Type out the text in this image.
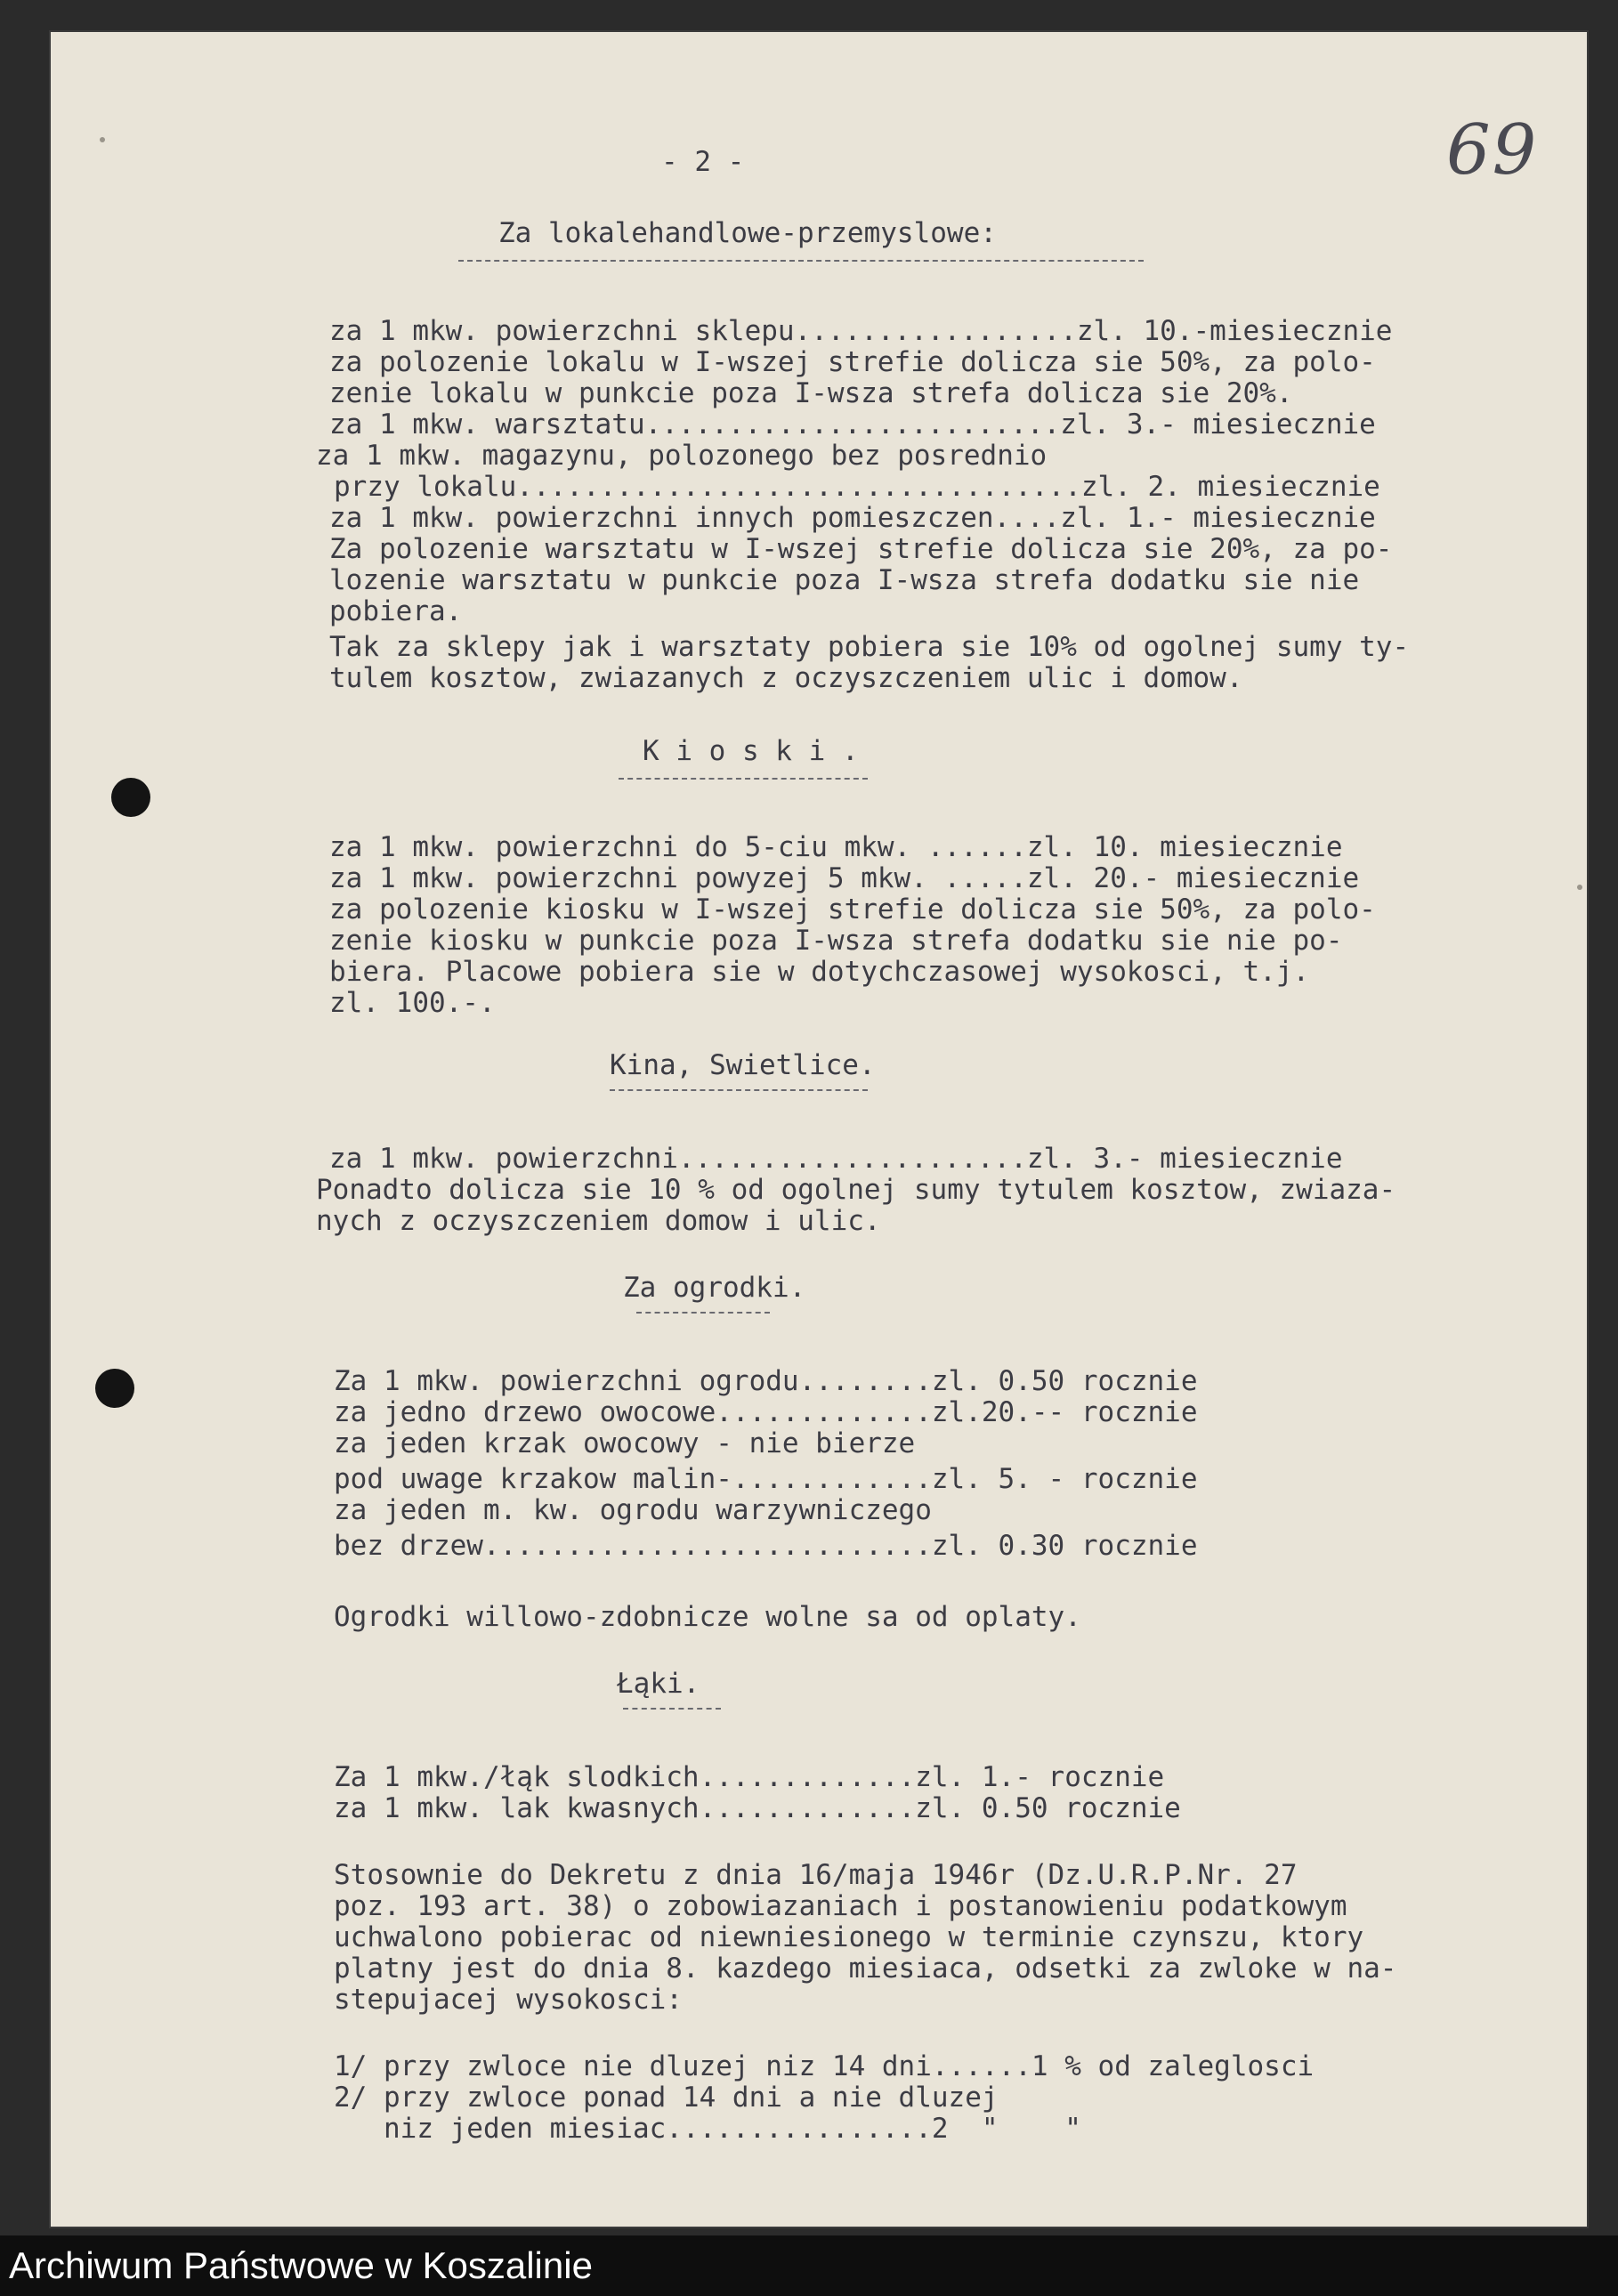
69
- 2 -
Za lokalehandlowe-przemyslowe:
za 1 mkw. powierzchni sklepu.................zl. 10.-miesiecznie
za polozenie lokalu w I-wszej strefie dolicza sie 50%, za polo-
zenie lokalu w punkcie poza I-wsza strefa dolicza sie 20%.
za 1 mkw. warsztatu.........................zl. 3.- miesiecznie
za 1 mkw. magazynu, polozonego bez posrednio
przy lokalu..................................zl. 2. miesiecznie
za 1 mkw. powierzchni innych pomieszczen....zl. 1.- miesiecznie
Za polozenie warsztatu w I-wszej strefie dolicza sie 20%, za po-
lozenie warsztatu w punkcie poza I-wsza strefa dodatku sie nie
pobiera.
Tak za sklepy jak i warsztaty pobiera sie 10% od ogolnej sumy ty-
tulem kosztow, zwiazanych z oczyszczeniem ulic i domow.
K i o s k i .
za 1 mkw. powierzchni do 5-ciu mkw. ......zl. 10. miesiecznie
za 1 mkw. powierzchni powyzej 5 mkw. .....zl. 20.- miesiecznie
za polozenie kiosku w I-wszej strefie dolicza sie 50%, za polo-
zenie kiosku w punkcie poza I-wsza strefa dodatku sie nie po-
biera. Placowe pobiera sie w dotychczasowej wysokosci, t.j.
zl. 100.-.
Kina, Swietlice.
za 1 mkw. powierzchni.....................zl. 3.- miesiecznie
Ponadto dolicza sie 10 % od ogolnej sumy tytulem kosztow, zwiaza-
nych z oczyszczeniem domow i ulic.
Za ogrodki.
Za 1 mkw. powierzchni ogrodu........zl. 0.50 rocznie
za jedno drzewo owocowe.............zl.20.-- rocznie
za jeden krzak owocowy - nie bierze
pod uwage krzakow malin-............zl. 5. - rocznie
za jeden m. kw. ogrodu warzywniczego
bez drzew...........................zl. 0.30 rocznie
Ogrodki willowo-zdobnicze wolne sa od oplaty.
Łąki.
Za 1 mkw./łąk slodkich.............zl. 1.- rocznie
za 1 mkw. lak kwasnych.............zl. 0.50 rocznie
Stosownie do Dekretu z dnia 16/maja 1946r (Dz.U.R.P.Nr. 27
poz. 193 art. 38) o zobowiazaniach i postanowieniu podatkowym
uchwalono pobierac od niewniesionego w terminie czynszu, ktory
platny jest do dnia 8. kazdego miesiaca, odsetki za zwloke w na-
stepujacej wysokosci:
1/ przy zwloce nie dluzej niz 14 dni......1 % od zaleglosci
2/ przy zwloce ponad 14 dni a nie dluzej
niz jeden miesiac................2  "    "
Archiwum Państwowe w Koszalinie
